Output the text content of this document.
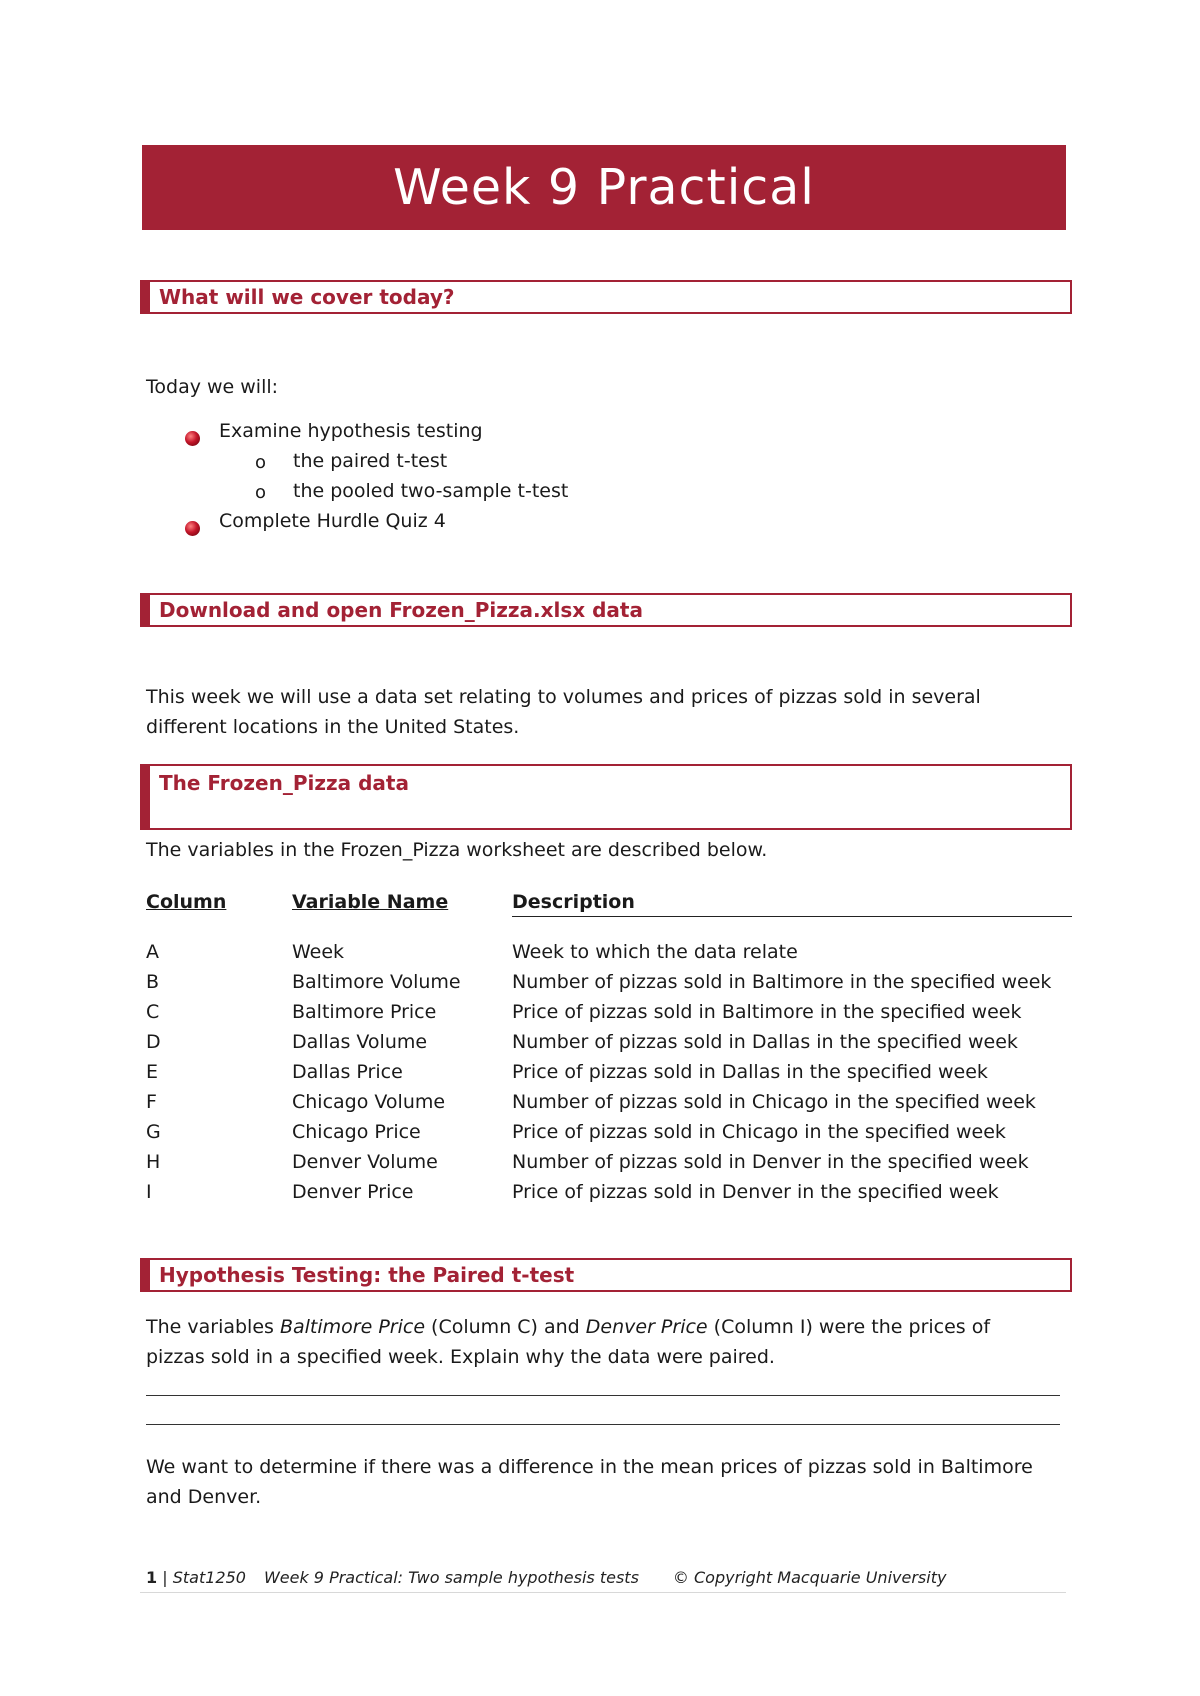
Week 9 Practical
What will we cover today?

Today we will:

Examine hypothesis testing
o the paired t-test
o the pooled two-sample t-test
Complete Hurdle Quiz 4
Download and open Frozen_Pizza.xlsx data

This week we will use a data set relating to volumes and prices of pizzas sold in several
different locations in the United States.

The Frozen_Pizza data

The variables in the Frozen_Pizza worksheet are described below.

Column	Variable Name	Description

A	Week	Week to which the data relate
B	Baltimore Volume	Number of pizzas sold in Baltimore in the specified week
C	Baltimore Price	Price of pizzas sold in Baltimore in the specified week
D	Dallas Volume	Number of pizzas sold in Dallas in the specified week
E	Dallas Price	Price of pizzas sold in Dallas in the specified week
F	Chicago Volume	Number of pizzas sold in Chicago in the specified week
G	Chicago Price	Price of pizzas sold in Chicago in the specified week
H	Denver Volume	Number of pizzas sold in Denver in the specified week
I	Denver Price	Price of pizzas sold in Denver in the specified week
Hypothesis Testing: the Paired t-test

The variables Baltimore Price (Column C) and Denver Price (Column I) were the prices of
pizzas sold in a specified week. Explain why the data were paired.

We want to determine if there was a difference in the mean prices of pizzas sold in Baltimore
and Denver.

1 | Stat1250 Week 9 Practical: Two sample hypothesis tests © Copyright Macquarie University
